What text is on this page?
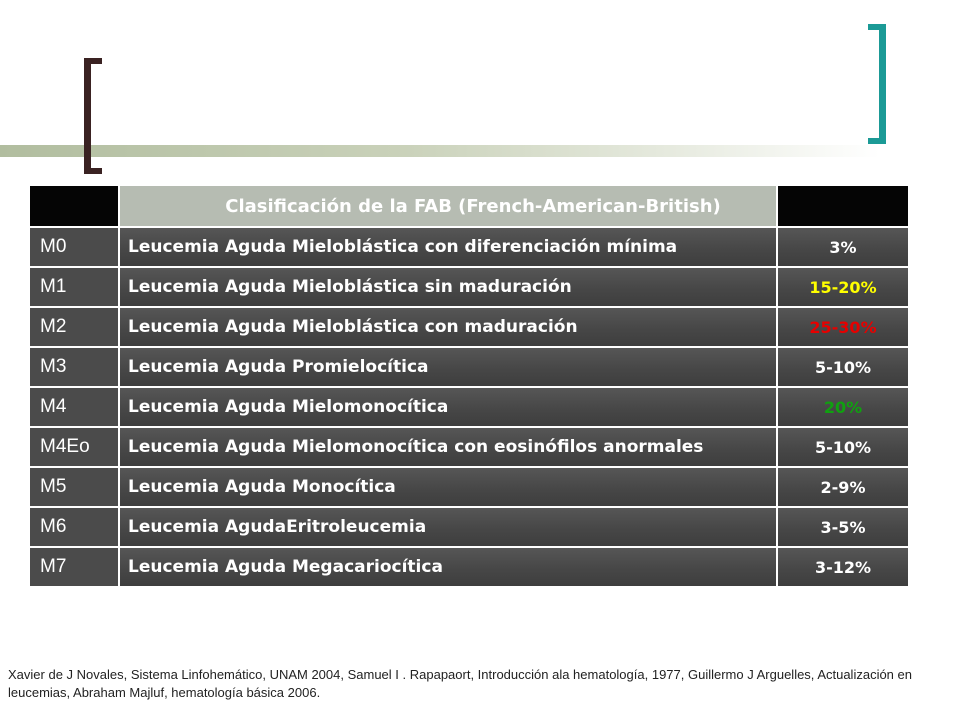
Clasificación de la FAB (French-American-British)
M0	Leucemia Aguda Mieloblástica con diferenciación mínima	3%
M1	Leucemia Aguda Mieloblástica sin maduración	15-20%
M2	Leucemia Aguda Mieloblástica con maduración	25-30%
M3	Leucemia Aguda Promielocítica	5-10%
M4	Leucemia Aguda Mielomonocítica	20%
M4Eo	Leucemia Aguda Mielomonocítica con eosinófilos anormales	5-10%
M5	Leucemia Aguda Monocítica	2-9%
M6	Leucemia AgudaEritroleucemia	3-5%
M7	Leucemia Aguda Megacariocítica	3-12%
Xavier de J Novales, Sistema Linfohemático, UNAM 2004, Samuel I . Rapapaort, Introducción ala hematología, 1977, Guillermo J Arguelles, Actualización en leucemias, Abraham Majluf, hematología básica 2006.
